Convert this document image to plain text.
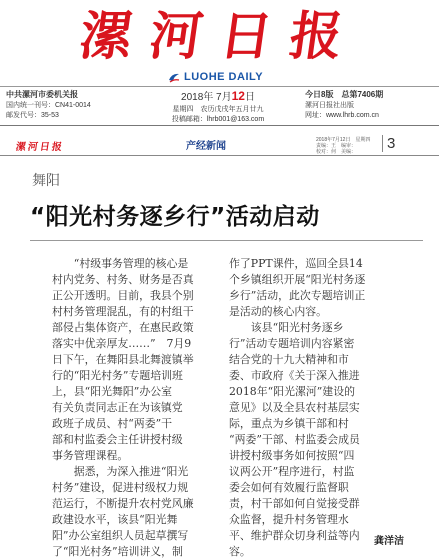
漯河日报
LUOHE DAILY
中共漯河市委机关报
国内统一刊号：CN41-0014
邮发代号：35-53
2018年 7月12日
星期四　农历戊戌年五月廿九
投稿邮箱：lhrb001@163.com
今日8版　总第7406期
漯河日报社出版
网址：www.lhrb.com.cn
漯河日报	产经新闻
2018年7月12日　星期四
责编：王　编审：
校对：何　美编：	3
舞阳
“阳光村务逐乡行”活动启动
　　“村级事务管理的核心是
村内党务、村务、财务是否真
正公开透明。目前，我县个别
村村务管理混乱，有的村组干
部侵占集体资产，在惠民政策
落实中优亲厚友……”　7月9
日下午，在舞阳县北舞渡镇举
行的“阳光村务”专题培训班
上，县“阳光舞阳”办公室
有关负责同志正在为该镇党
政班子成员、村“两委”干
部和村监委会主任讲授村级
事务管理课程。
　　据悉，为深入推进“阳光
村务”建设，促进村级权力规
范运行，不断提升农村党风廉
政建设水平，该县“阳光舞
阳”办公室组织人员起草撰写
了“阳光村务”培训讲义，制
作了PPT课件，巡回全县14
个乡镇组织开展“阳光村务逐
乡行”活动，此次专题培训正
是活动的核心内容。
　　该县“阳光村务逐乡
行”活动专题培训内容紧密
结合党的十九大精神和市
委、市政府《关于深入推进
2018年“阳光漯河”建设的
意见》以及全县农村基层实
际，重点为乡镇干部和村
“两委”干部、村监委会成员
讲授村级事务如何按照“四
议两公开”程序进行，村监
委会如何有效履行监督职
责，村干部如何自觉接受群
众监督，提升村务管理水
平、维护群众切身利益等内
容。
龚洋洁
